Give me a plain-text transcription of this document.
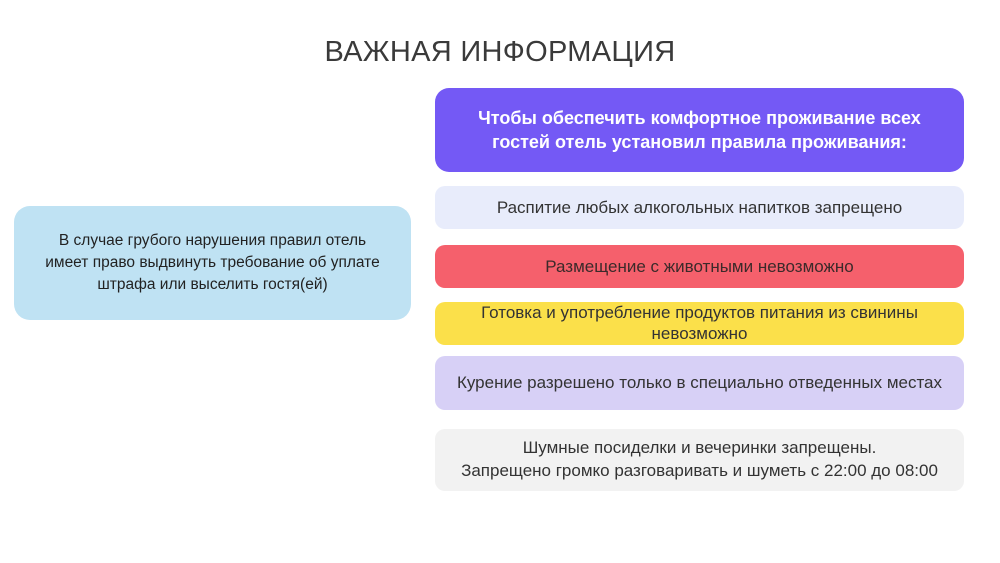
ВАЖНАЯ ИНФОРМАЦИЯ
Чтобы обеспечить комфортное проживание всех
гостей отель установил правила проживания:
Распитие любых алкогольных напитков запрещено
Размещение с животными невозможно
Готовка и употребление продуктов питания из свинины
невозможно
Курение разрешено только в специально отведенных местах
Шумные посиделки и вечеринки запрещены.
Запрещено громко разговаривать и шуметь с 22:00 до 08:00
В случае грубого нарушения правил отель
имеет право выдвинуть требование об уплате
штрафа или выселить гостя(ей)
